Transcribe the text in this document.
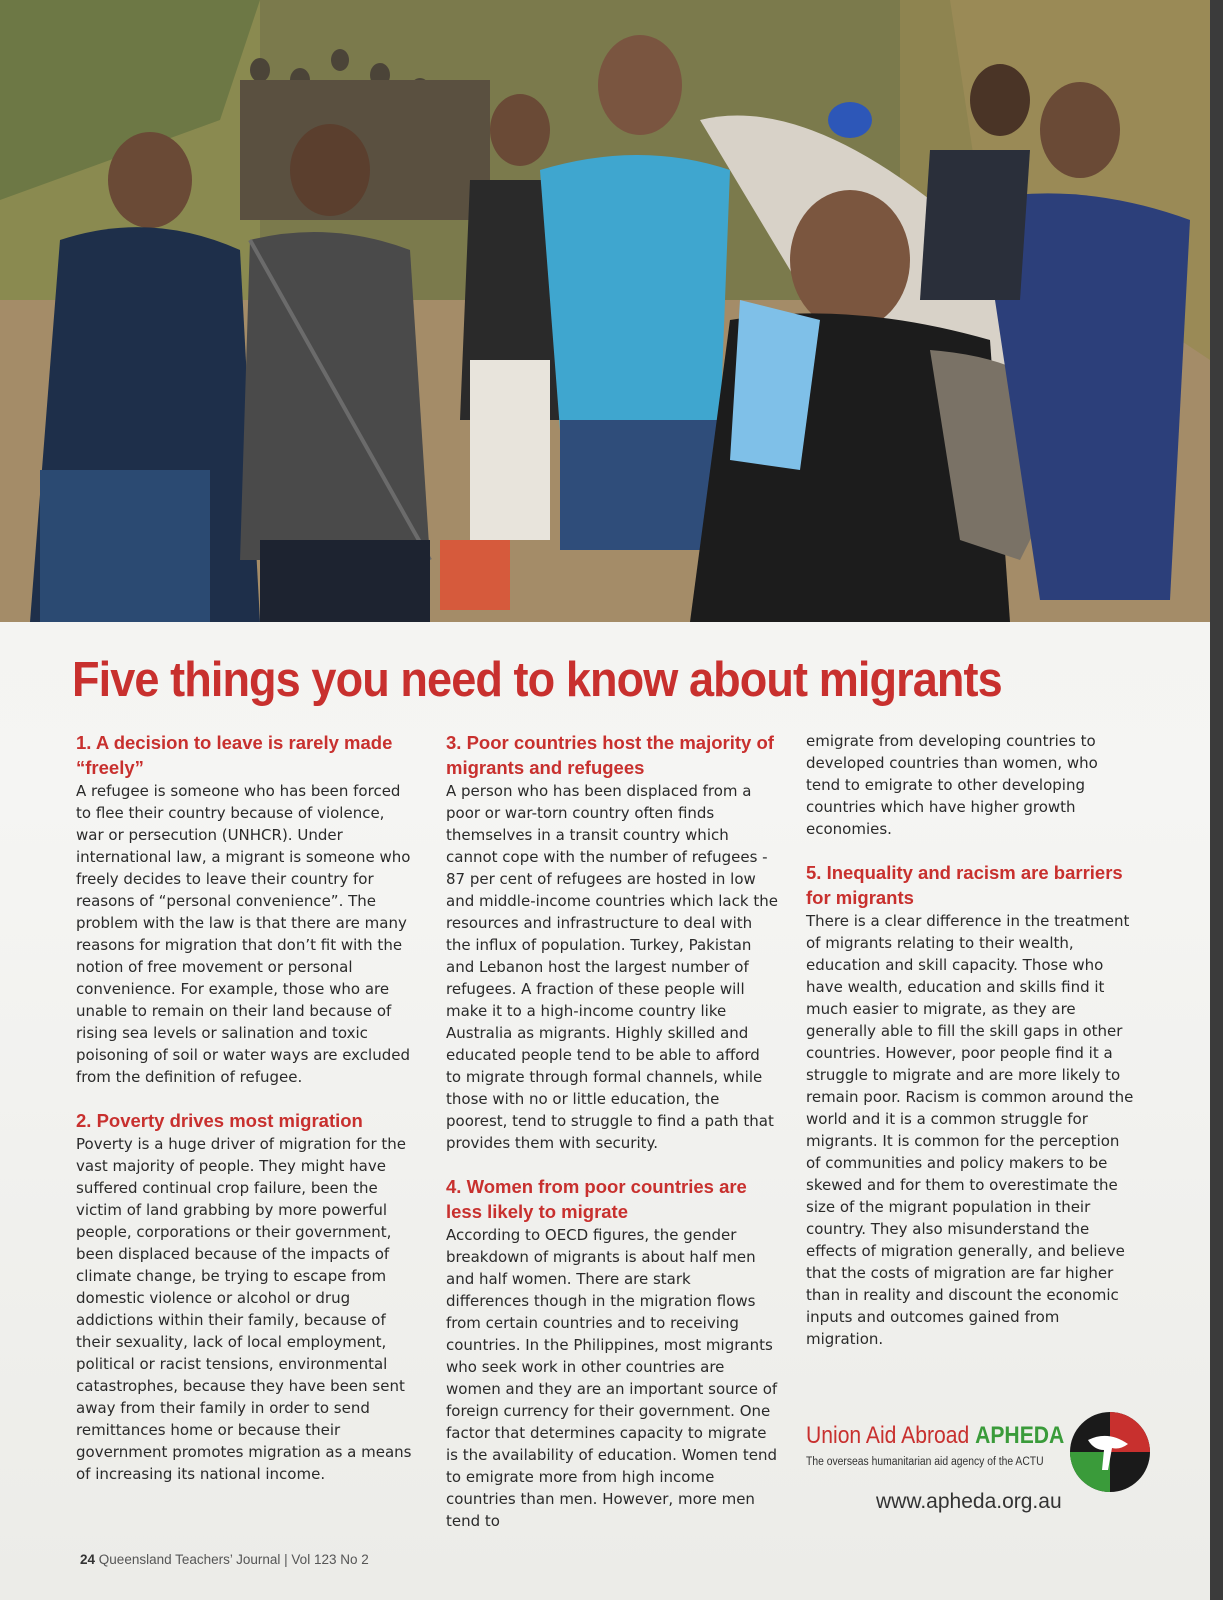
Five things you need to know about migrants
1. A decision to leave is rarely made “freely”

A refugee is someone who has been forced to flee their country because of violence, war or persecution (UNHCR). Under international law, a migrant is someone who freely decides to leave their country for reasons of “personal convenience”. The problem with the law is that there are many reasons for migration that don’t fit with the notion of free movement or personal convenience. For example, those who are unable to remain on their land because of rising sea levels or salination and toxic poisoning of soil or water ways are excluded from the definition of refugee.

2. Poverty drives most migration

Poverty is a huge driver of migration for the vast majority of people. They might have suffered continual crop failure, been the victim of land grabbing by more powerful people, corporations or their government, been displaced because of the impacts of climate change, be trying to escape from domestic violence or alcohol or drug addictions within their family, because of their sexuality, lack of local employment, political or racist tensions, environmental catastrophes, because they have been sent away from their family in order to send remittances home or because their government promotes migration as a means of increasing its national income.

3. Poor countries host the majority of migrants and refugees

A person who has been displaced from a poor or war-torn country often finds themselves in a transit country which cannot cope with the number of refugees - 87 per cent of refugees are hosted in low and middle-income countries which lack the resources and infrastructure to deal with the influx of population. Turkey, Pakistan and Lebanon host the largest number of refugees. A fraction of these people will make it to a high-income country like Australia as migrants. Highly skilled and educated people tend to be able to afford to migrate through formal channels, while those with no or little education, the poorest, tend to struggle to find a path that provides them with security.

4. Women from poor countries are less likely to migrate

According to OECD figures, the gender breakdown of migrants is about half men and half women. There are stark differences though in the migration flows from certain countries and to receiving countries. In the Philippines, most migrants who seek work in other countries are women and they are an important source of foreign currency for their government. One factor that determines capacity to migrate is the availability of education. Women tend to emigrate more from high income countries than men. However, more men tend to

emigrate from developing countries to developed countries than women, who tend to emigrate to other developing countries which have higher growth economies.

5. Inequality and racism are barriers for migrants

There is a clear difference in the treatment of migrants relating to their wealth, education and skill capacity. Those who have wealth, education and skills find it much easier to migrate, as they are generally able to fill the skill gaps in other countries. However, poor people find it a struggle to migrate and are more likely to remain poor. Racism is common around the world and it is a common struggle for migrants. It is common for the perception of communities and policy makers to be skewed and for them to overestimate the size of the migrant population in their country. They also misunderstand the effects of migration generally, and believe that the costs of migration are far higher than in reality and discount the economic inputs and outcomes gained from migration.

Union Aid Abroad APHEDA
The overseas humanitarian aid agency of the ACTU
www.apheda.org.au
24 Queensland Teachers’ Journal | Vol 123 No 2
